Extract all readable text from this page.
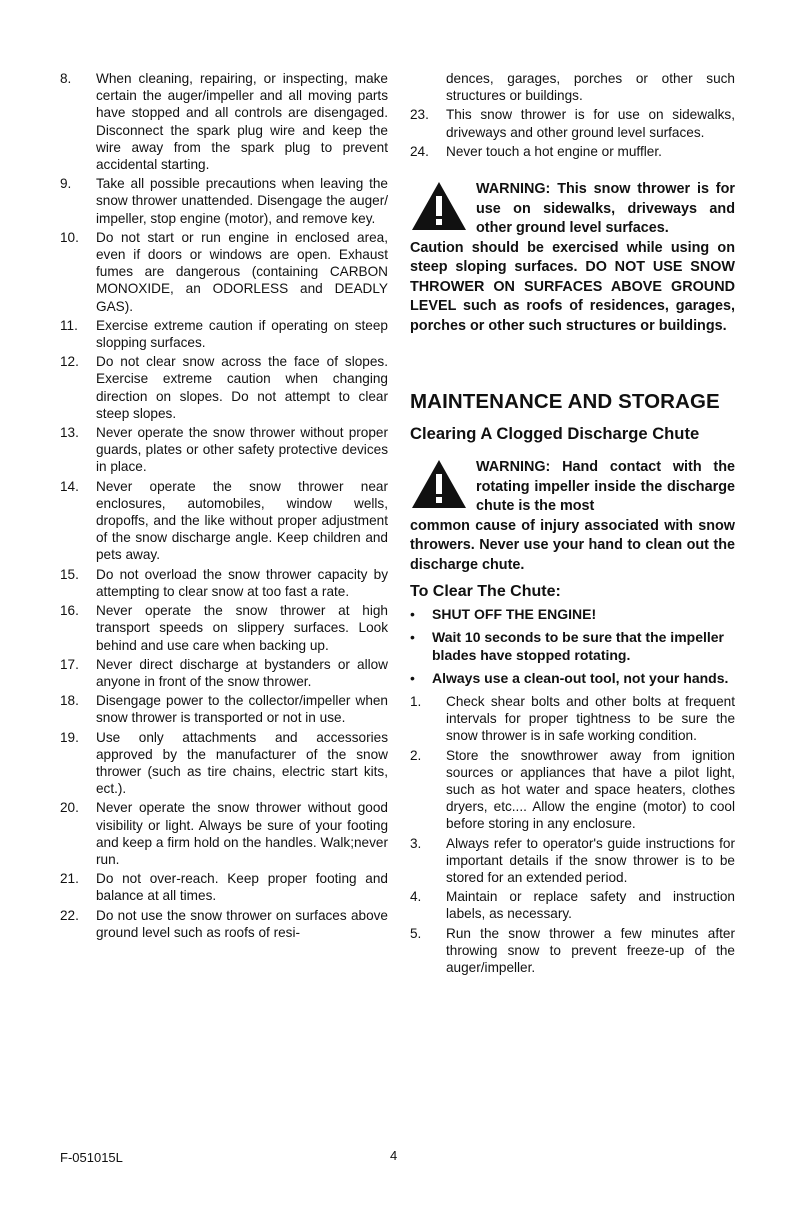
8.	When cleaning, repairing, or inspecting, make certain the auger/impeller and all moving parts have stopped and all controls are disengaged. Disconnect the spark plug wire and keep the wire away from the spark plug to prevent accidental starting.
9.	Take all possible precautions when leaving the snow thrower unattended. Disengage the auger/ impeller, stop engine (motor), and remove key.
10.	Do not start or run engine in enclosed area, even if doors or windows are open. Exhaust fumes are dangerous (containing CARBON MONOXIDE, an ODORLESS and DEADLY GAS).
11.	Exercise extreme caution if operating on steep slopping surfaces.
12.	Do not clear snow across the face of slopes. Exercise extreme caution when changing direction on slopes. Do not attempt to clear steep slopes.
13.	Never operate the snow thrower without proper guards, plates or other safety protective devices in place.
14.	Never operate the snow thrower near enclosures, automobiles, window wells, dropoffs, and the like without proper adjustment of the snow discharge angle. Keep children and pets away.
15.	Do not overload the snow thrower capacity by attempting to clear snow at too fast a rate.
16.	Never operate the snow thrower at high transport speeds on slippery surfaces. Look behind and use care when backing up.
17.	Never direct discharge at bystanders or allow anyone in front of the snow thrower.
18.	Disengage power to the collector/impeller when snow thrower is transported or not in use.
19.	Use only attachments and accessories approved by the manufacturer of the snow thrower (such as tire chains, electric start kits, ect.).
20.	Never operate the snow thrower without good visibility or light. Always be sure of your footing and keep a firm hold on the handles. Walk;never run.
21.	Do not over-reach. Keep proper footing and balance at all times.
22.	Do not use the snow thrower on surfaces above ground level such as roofs of resi-
dences, garages, porches or other such structures or buildings.
23.	This snow thrower is for use on sidewalks, driveways and other ground level surfaces.
24.	Never touch a hot engine or muffler.
WARNING: This snow thrower is for use on sidewalks, driveways and other ground level surfaces.
Caution should be exercised while using on steep sloping surfaces. DO NOT USE SNOW THROWER ON SURFACES ABOVE GROUND LEVEL such as roofs of residences, garages, porches or other such structures or buildings.
MAINTENANCE AND STORAGE
Clearing A Clogged Discharge Chute
WARNING: Hand contact with the rotating impeller inside the discharge chute is the most
common cause of injury associated with snow throwers. Never use your hand to clean out the discharge chute.
To Clear The Chute:
•	SHUT OFF THE ENGINE!
•	Wait 10 seconds to be sure that the impeller blades have stopped rotating.
•	Always use a clean-out tool, not your hands.
1.	Check shear bolts and other bolts at frequent intervals for proper tightness to be sure the snow thrower is in safe working condition.
2.	Store the snowthrower away from ignition sources or appliances that have a pilot light, such as hot water and space heaters, clothes dryers, etc.... Allow the engine (motor) to cool before storing in any enclosure.
3.	Always refer to operator's guide instructions for important details if the snow thrower is to be stored for an extended period.
4.	Maintain or replace safety and instruction labels, as necessary.
5.	Run the snow thrower a few minutes after throwing snow to prevent freeze-up of the auger/impeller.
F-051015L	4
